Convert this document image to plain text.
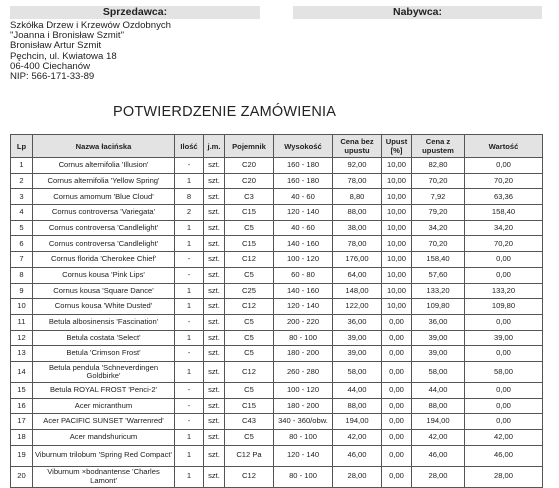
Sprzedawca:	Nabywca:
Szkółka Drzew i Krzewów Ozdobnych
"Joanna i Bronisław Szmit"
Bronisław Artur Szmit
Pęchcin, ul. Kwiatowa 18
06-400 Ciechanów
NIP: 566-171-33-89
POTWIERDZENIE ZAMÓWIENIA
Lp	Nazwa łacińska	Ilość	j.m.	Pojemnik	Wysokość	Cena bez upustu	Upust [%]	Cena z upustem	Wartość
1	Cornus alternifolia 'Illusion'	-	szt.	C20	160 - 180	92,00	10,00	82,80	0,00
2	Cornus alternifolia 'Yellow Spring'	1	szt.	C20	160 - 180	78,00	10,00	70,20	70,20
3	Cornus amomum 'Blue Cloud'	8	szt.	C3	40 - 60	8,80	10,00	7,92	63,36
4	Cornus controversa 'Variegata'	2	szt.	C15	120 - 140	88,00	10,00	79,20	158,40
5	Cornus controversa 'Candlelight'	1	szt.	C5	40 - 60	38,00	10,00	34,20	34,20
6	Cornus controversa 'Candlelight'	1	szt.	C15	140 - 160	78,00	10,00	70,20	70,20
7	Cornus florida 'Cherokee Chief'	-	szt.	C12	100 - 120	176,00	10,00	158,40	0,00
8	Cornus kousa 'Pink Lips'	-	szt.	C5	60 - 80	64,00	10,00	57,60	0,00
9	Cornus kousa 'Square Dance'	1	szt.	C25	140 - 160	148,00	10,00	133,20	133,20
10	Cornus kousa 'White Dusted'	1	szt.	C12	120 - 140	122,00	10,00	109,80	109,80
11	Betula albosinensis 'Fascination'	-	szt.	C5	200 - 220	36,00	0,00	36,00	0,00
12	Betula costata 'Select'	1	szt.	C5	80 - 100	39,00	0,00	39,00	39,00
13	Betula 'Crimson Frost'	-	szt.	C5	180 - 200	39,00	0,00	39,00	0,00
14	Betula pendula 'Schneverdingen Goldbirke'	1	szt.	C12	260 - 280	58,00	0,00	58,00	58,00
15	Betula ROYAL FROST 'Penci-2'	-	szt.	C5	100 - 120	44,00	0,00	44,00	0,00
16	Acer micranthum	-	szt.	C15	180 - 200	88,00	0,00	88,00	0,00
17	Acer PACIFIC SUNSET 'Warrenred'	-	szt.	C43	340 - 360/obw.	194,00	0,00	194,00	0,00
18	Acer mandshuricum	1	szt.	C5	80 - 100	42,00	0,00	42,00	42,00
19	Viburnum trilobum 'Spring Red Compact'	1	szt.	C12 Pa	120 - 140	46,00	0,00	46,00	46,00
20	Viburnum ×bodnantense 'Charles Lamont'	1	szt.	C12	80 - 100	28,00	0,00	28,00	28,00
